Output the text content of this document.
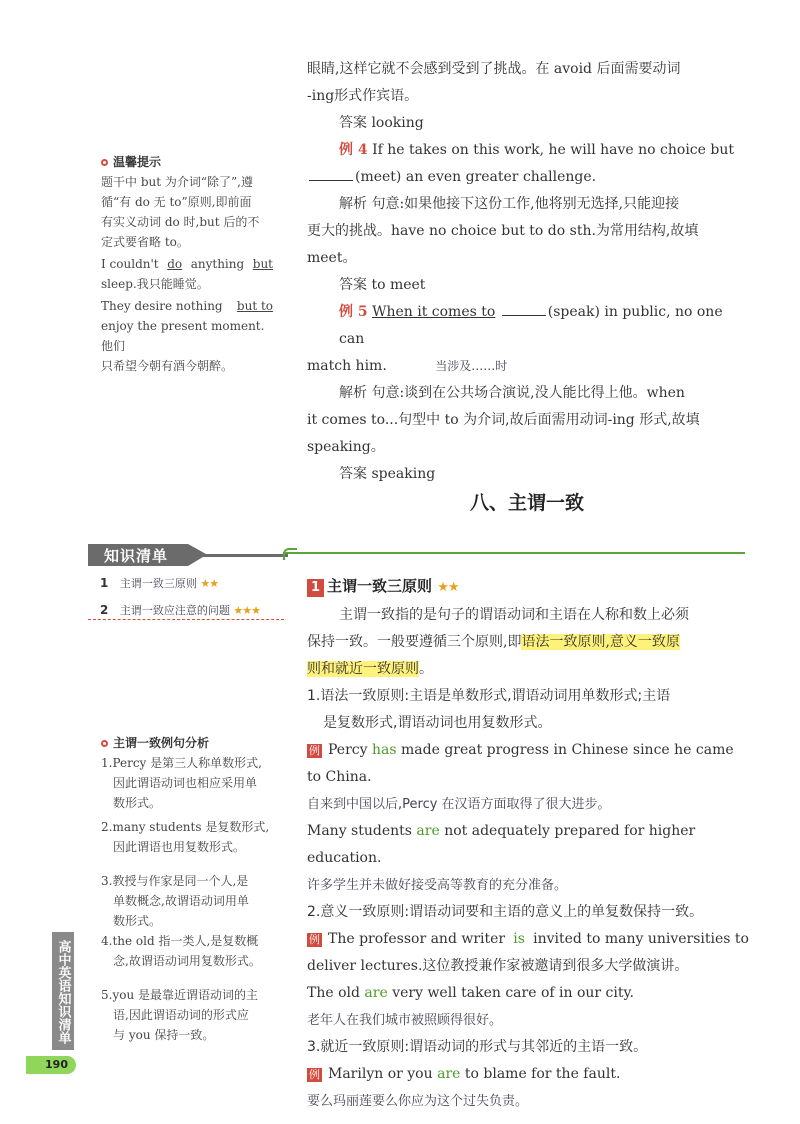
眼睛,这样它就不会感到受到了挑战。在 avoid 后面需要动词
-ing形式作宾语。
答案 looking
例 4 If he takes on this work, he will have no choice but
(meet) an even greater challenge.
解析 句意:如果他接下这份工作,他将别无选择,只能迎接
更大的挑战。have no choice but to do sth.为常用结构,故填
meet。
答案 to meet
例 5 When it comes to	(speak) in public, no one can
match him.	当涉及……时
解析 句意:谈到在公共场合演说,没人能比得上他。when
it comes to...句型中 to 为介词,故后面需用动词-ing 形式,故填
speaking。
答案 speaking
温馨提示
题干中 but 为介词“除了”,遵
循“有 do 无 to”原则,即前面
有实义动词 do 时,but 后的不
定式要省略 to。
I couldn't do anything but
sleep.我只能睡觉。
They desire nothing but to
enjoy the present moment.他们
只希望今朝有酒今朝醉。
八、主谓一致
知识清单
1 主谓一致三原则 ★★
2 主谓一致应注意的问题 ★★★
1 主谓一致三原则 ★★
主谓一致指的是句子的谓语动词和主语在人称和数上必须
保持一致。一般要遵循三个原则,即语法一致原则,意义一致原
则和就近一致原则。
1.语法一致原则:主语是单数形式,谓语动词用单数形式;主语
是复数形式,谓语动词也用复数形式。
例 Percy has made great progress in Chinese since he came to China.
自来到中国以后,Percy 在汉语方面取得了很大进步。
Many students are not adequately prepared for higher education.
许多学生并未做好接受高等教育的充分准备。
2.意义一致原则:谓语动词要和主语的意义上的单复数保持一致。
例 The professor and writer is invited to many universities to
deliver lectures.这位教授兼作家被邀请到很多大学做演讲。
The old are very well taken care of in our city.
老年人在我们城市被照顾得很好。
3.就近一致原则:谓语动词的形式与其邻近的主语一致。
例 Marilyn or you are to blame for the fault.
要么玛丽莲要么你应为这个过失负责。
主谓一致例句分析
1.Percy 是第三人称单数形式,
因此谓语动词也相应采用单
数形式。
2.many students 是复数形式,
因此谓语也用复数形式。
3.教授与作家是同一个人,是
单数概念,故谓语动词用单
数形式。
4.the old 指一类人,是复数概
念,故谓语动词用复数形式。
5.you 是最靠近谓语动词的主
语,因此谓语动词的形式应
与 you 保持一致。
高中英语知识清单
190
